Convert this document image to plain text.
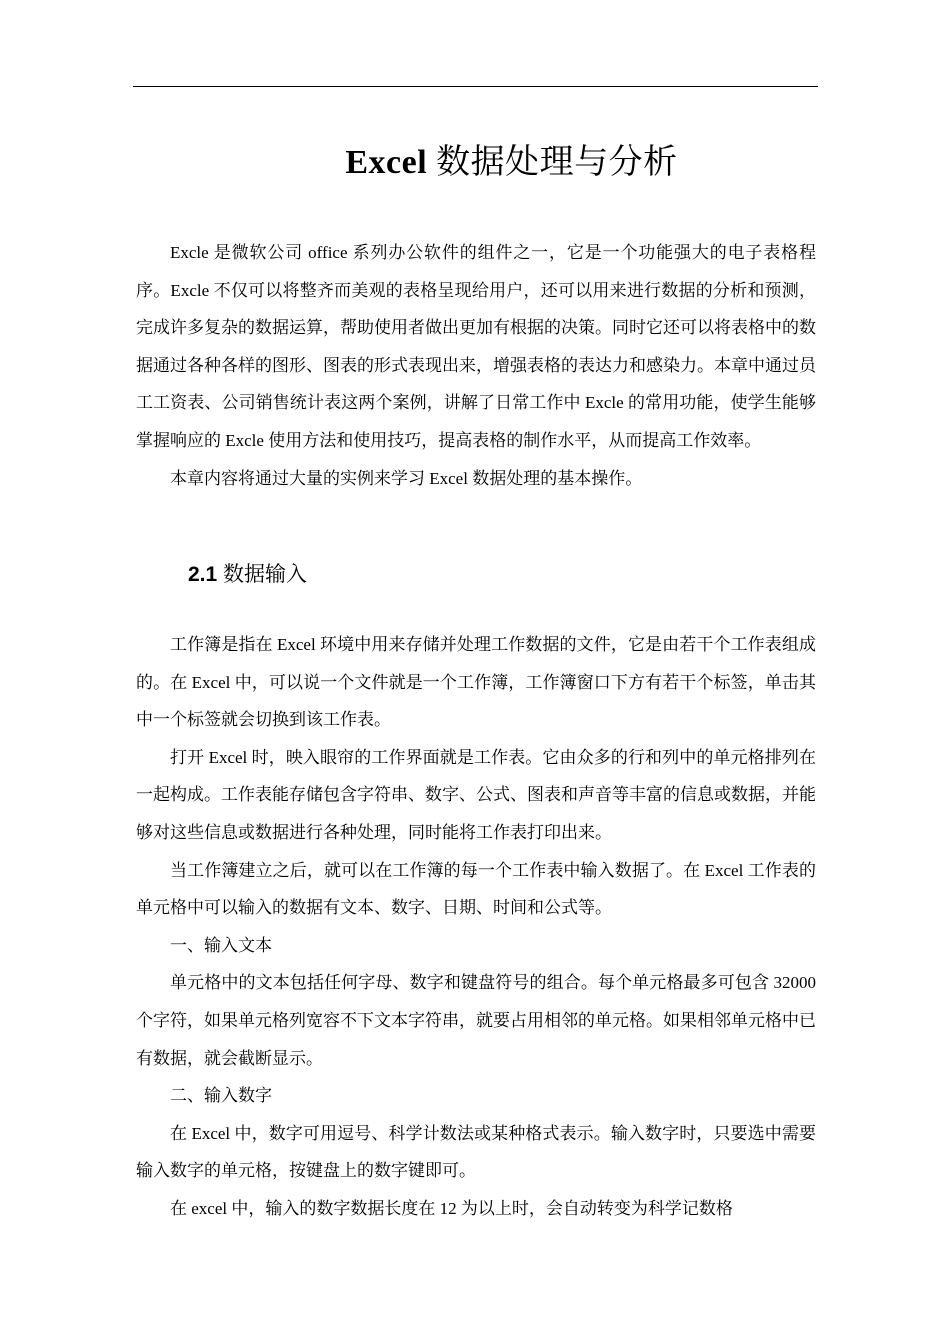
Excel 数据处理与分析

Excle 是微软公司 office 系列办公软件的组件之一，它是一个功能强大的电子表格程序。Excle 不仅可以将整齐而美观的表格呈现给用户，还可以用来进行数据的分析和预测，完成许多复杂的数据运算，帮助使用者做出更加有根据的决策。同时它还可以将表格中的数据通过各种各样的图形、图表的形式表现出来，增强表格的表达力和感染力。本章中通过员工工资表、公司销售统计表这两个案例，讲解了日常工作中 Excle 的常用功能，使学生能够掌握响应的 Excle 使用方法和使用技巧，提高表格的制作水平，从而提高工作效率。

本章内容将通过大量的实例来学习 Excel 数据处理的基本操作。

2.1 数据输入

工作簿是指在 Excel 环境中用来存储并处理工作数据的文件，它是由若干个工作表组成的。在 Excel 中，可以说一个文件就是一个工作簿，工作簿窗口下方有若干个标签，单击其中一个标签就会切换到该工作表。

打开 Excel 时，映入眼帘的工作界面就是工作表。它由众多的行和列中的单元格排列在一起构成。工作表能存储包含字符串、数字、公式、图表和声音等丰富的信息或数据，并能够对这些信息或数据进行各种处理，同时能将工作表打印出来。

当工作簿建立之后，就可以在工作簿的每一个工作表中输入数据了。在 Excel 工作表的单元格中可以输入的数据有文本、数字、日期、时间和公式等。

一、输入文本

单元格中的文本包括任何字母、数字和键盘符号的组合。每个单元格最多可包含 32000 个字符，如果单元格列宽容不下文本字符串，就要占用相邻的单元格。如果相邻单元格中已有数据，就会截断显示。

二、输入数字

在 Excel 中，数字可用逗号、科学计数法或某种格式表示。输入数字时，只要选中需要输入数字的单元格，按键盘上的数字键即可。

在 excel 中，输入的数字数据长度在 12 为以上时，会自动转变为科学记数格
